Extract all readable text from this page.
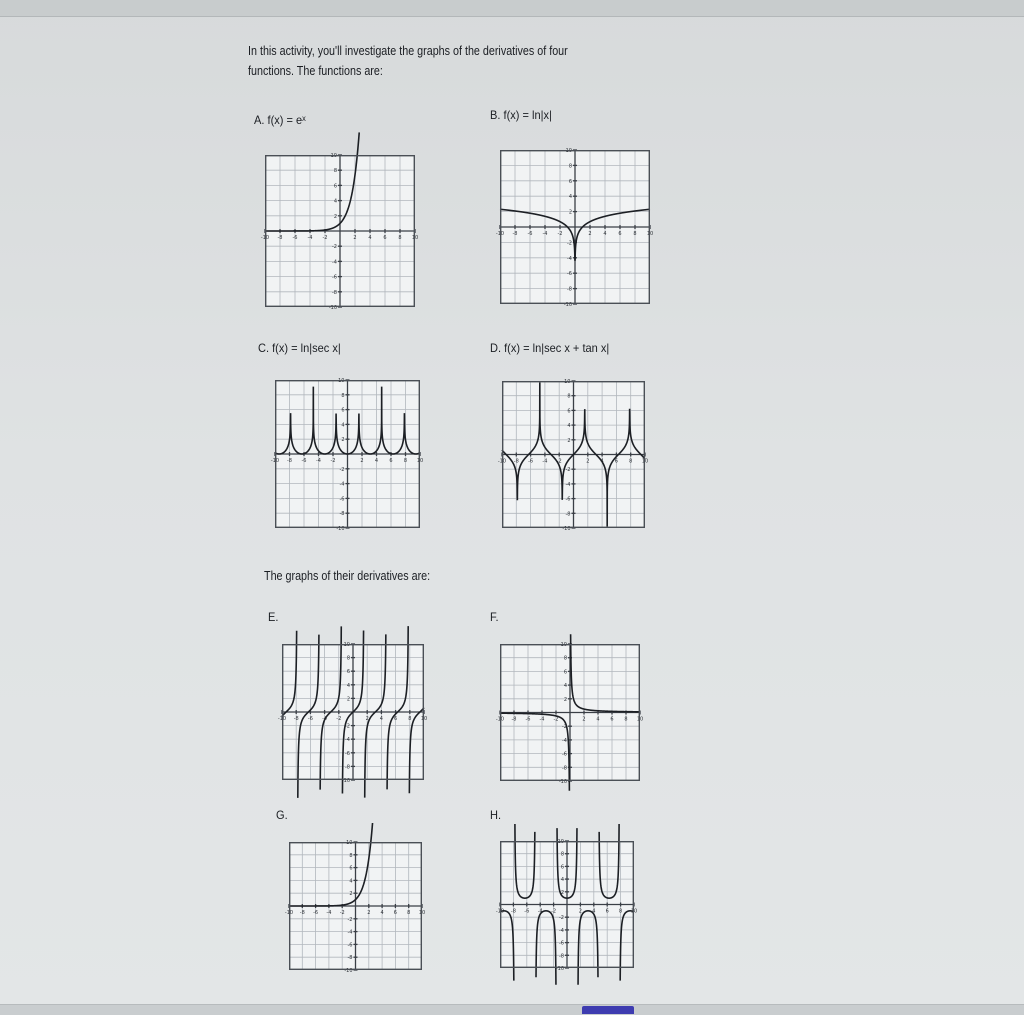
In this activity, you'll investigate the graphs of the derivatives of four
functions. The functions are:
A. f(x) = eˣ	B. f(x) = ln|x|
C. f(x) = ln|sec x|	D. f(x) = ln|sec x + tan x|
The graphs of their derivatives are:
E.	F.
G.	H.
-10 -8 -6 -4 -2	2 4 6 8 10
10
8
6
4
2
-2
-4
-6
-8
-10
-10 -8 -6 -4 -2	2 4 6 8 10
10
8
6
4
2
-2
-4
-6
-8
-10
-10 -8 -6 -4 -2	2 4 6 8 10
10
8
6
4
2
-2
-4
-6
-8
-10
-10 -8 -6 -4 -2	2 4 6 8 10
10
8
6
4
2
-2
-4
-6
-8
-10
-10 -8 -6 -4 -2	2 4 6 8 10
10
8
6
4
2
-2
-4
-6
-8
-10
-10 -8 -6 -4 -2	2 4 6 8 10
10
8
6
4
2
-2
-4
-6
-8
-10
-10 -8 -6 -4 -2	2 4 6 8 10
10
8
6
4
2
-2
-4
-6
-8
-10
-10 -8 -6 -4 -2	2 4 6 8 10
10
8
6
4
2
-2
-4
-6
-8
-10
